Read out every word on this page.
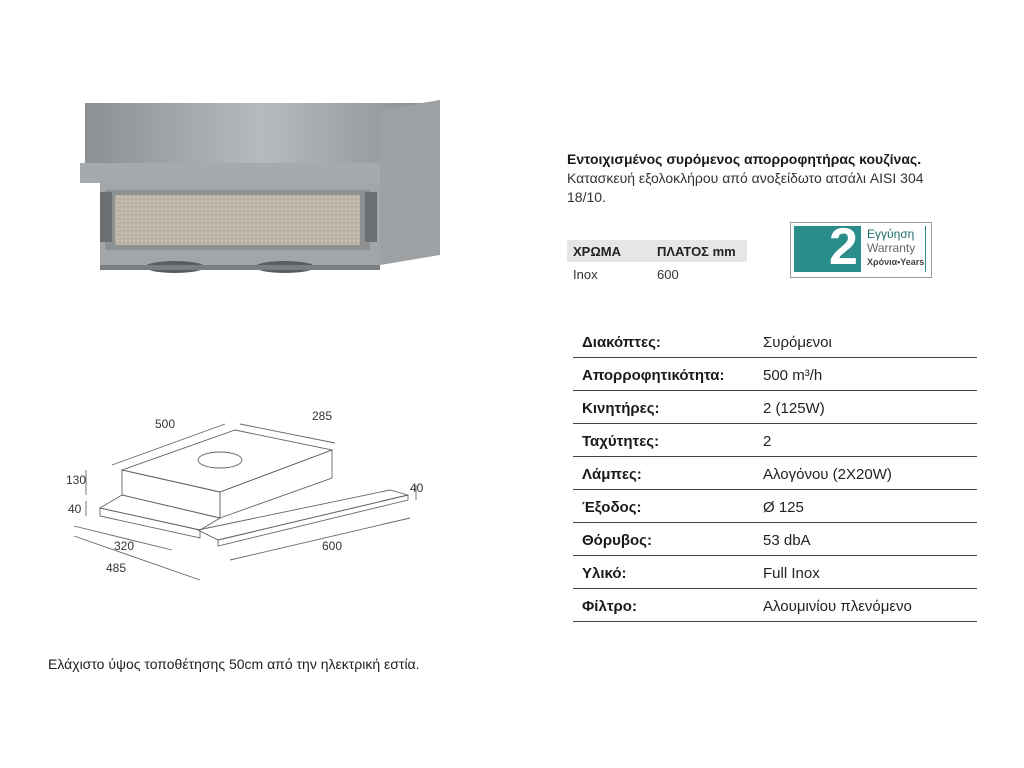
Εντοιχισμένος συρόμενος απορροφητήρας κουζίνας.
Κατασκευή εξολοκλήρου από ανοξείδωτο ατσάλι AISI 304
18/10.
ΧΡΩΜΑ	ΠΛΑΤΟΣ mm
Inox	600	2 Εγγύηση
Warranty
Χρόνια•Years
Διακόπτες:	Συρόμενοι
Απορροφητικότητα:	500 m³/h
Κινητήρες:	2 (125W)
Ταχύτητες:	2
Λάμπες:	Αλογόνου (2Χ20W)
Έξοδος:	Ø 125
Θόρυβος:	53 dbA
Υλικό:	Full Inox
Φίλτρο:	Αλουμινίου πλενόμενο
500
285
130
40
40
320
485
600
Ελάχιστο ύψος τοποθέτησης 50cm από την ηλεκτρική εστία.
